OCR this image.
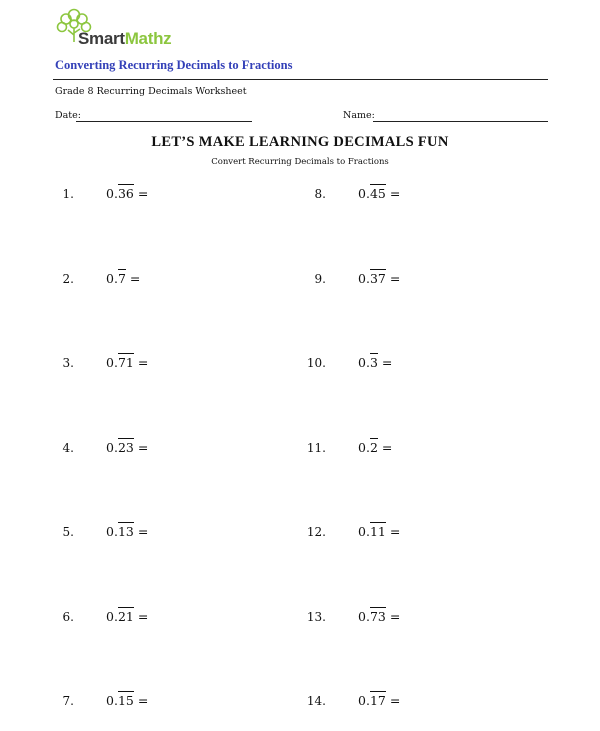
SmartMathz
Converting Recurring Decimals to Fractions
Grade 8 Recurring Decimals Worksheet
Date:	Name:
LET’S MAKE LEARNING DECIMALS FUN
Convert Recurring Decimals to Fractions
1.	0.36 =
2.	0.7 =
3.	0.71 =
4.	0.23 =
5.	0.13 =
6.	0.21 =
7.	0.15 =
8.	0.45 =
9.	0.37 =
10.	0.3 =
11.	0.2 =
12.	0.11 =
13.	0.73 =
14.	0.17 =
